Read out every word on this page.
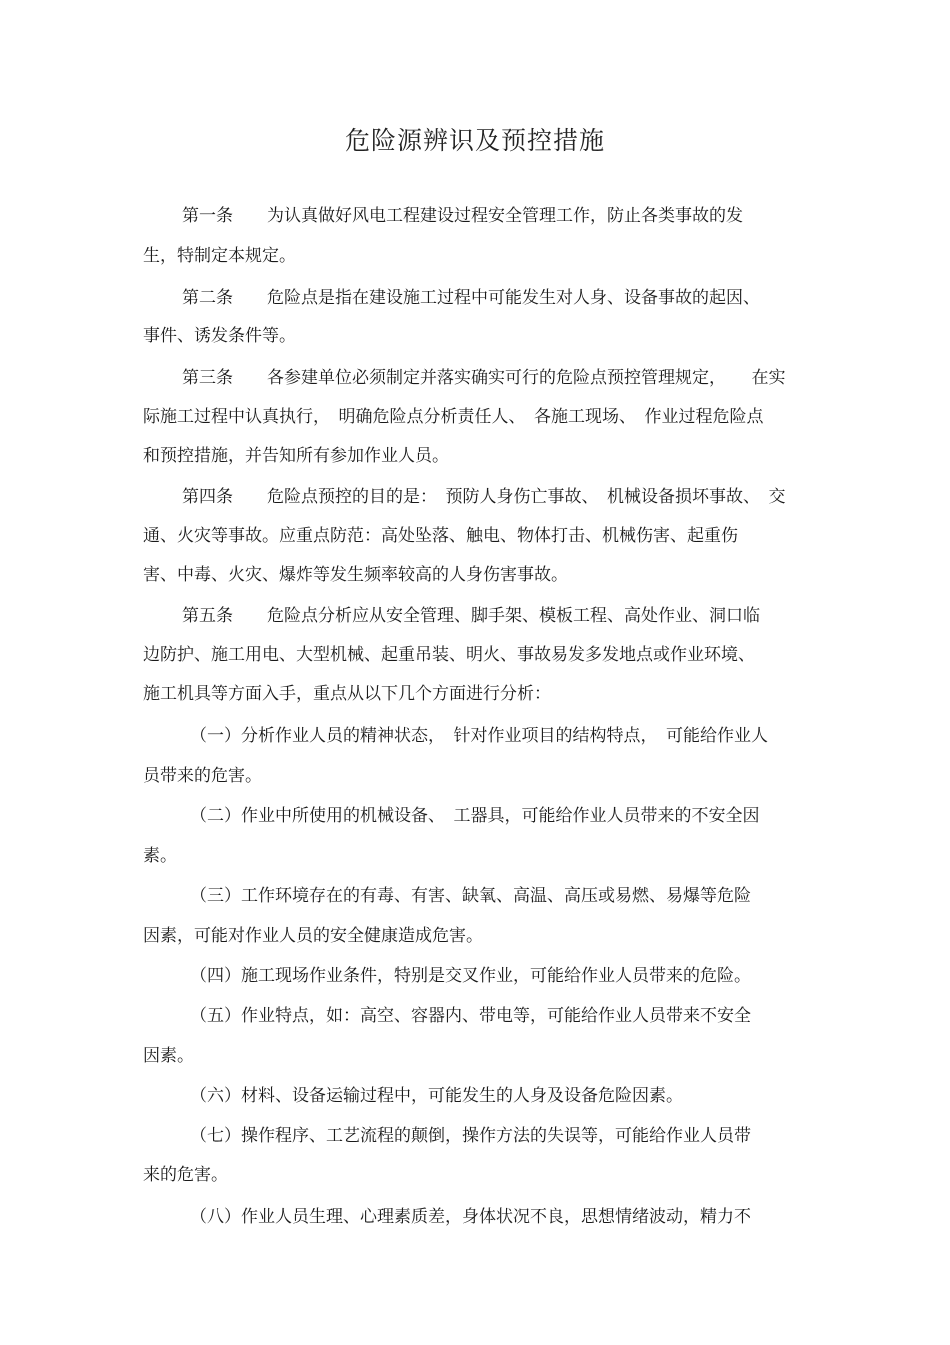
危险源辨识及预控措施
第一条　　为认真做好风电工程建设过程安全管理工作，防止各类事故的发
生，特制定本规定。
第二条　　危险点是指在建设施工过程中可能发生对人身、设备事故的起因、
事件、诱发条件等。
第三条　　各参建单位必须制定并落实确实可行的危险点预控管理规定，　　在实
际施工过程中认真执行，　明确危险点分析责任人、　各施工现场、　作业过程危险点
和预控措施，并告知所有参加作业人员。
第四条　　危险点预控的目的是：　预防人身伤亡事故、　机械设备损坏事故、　交
通、火灾等事故。应重点防范：高处坠落、触电、物体打击、机械伤害、起重伤
害、中毒、火灾、爆炸等发生频率较高的人身伤害事故。
第五条　　危险点分析应从安全管理、脚手架、模板工程、高处作业、洞口临
边防护、施工用电、大型机械、起重吊装、明火、事故易发多发地点或作业环境、
施工机具等方面入手，重点从以下几个方面进行分析：
（一）分析作业人员的精神状态，　针对作业项目的结构特点，　可能给作业人
员带来的危害。
（二）作业中所使用的机械设备、　工器具，可能给作业人员带来的不安全因
素。
（三）工作环境存在的有毒、有害、缺氧、高温、高压或易燃、易爆等危险
因素，可能对作业人员的安全健康造成危害。
（四）施工现场作业条件，特别是交叉作业，可能给作业人员带来的危险。
（五）作业特点，如：高空、容器内、带电等，可能给作业人员带来不安全
因素。
（六）材料、设备运输过程中，可能发生的人身及设备危险因素。
（七）操作程序、工艺流程的颠倒，操作方法的失误等，可能给作业人员带
来的危害。
（八）作业人员生理、心理素质差，身体状况不良，思想情绪波动，精力不
